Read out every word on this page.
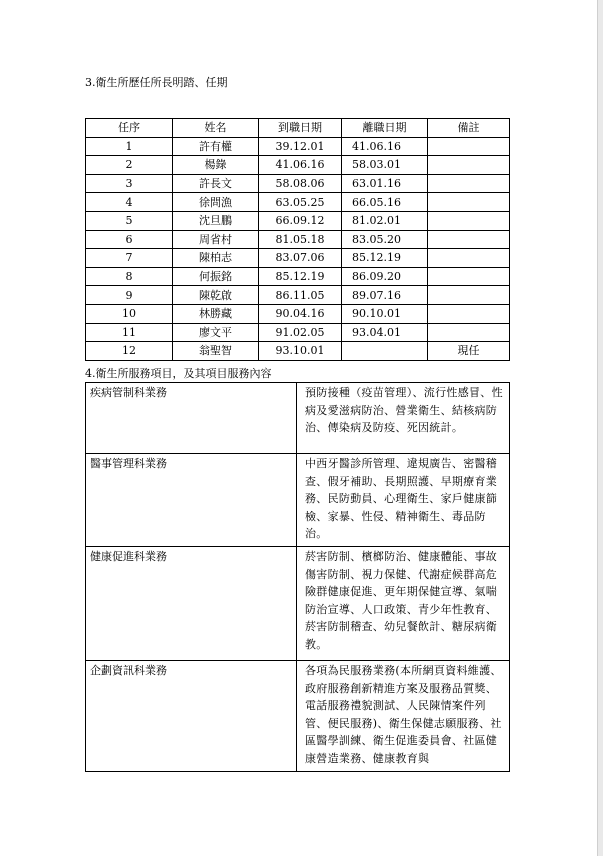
3.衛生所歷任所長明踏、任期
任序	姓名	到職日期	離職日期	備註
1	許有權	39.12.01	41.06.16	
2	楊錄	41.06.16	58.03.01	
3	許長文	58.08.06	63.01.16	
4	徐問漁	63.05.25	66.05.16	
5	沈旦鵬	66.09.12	81.02.01	
6	周省村	81.05.18	83.05.20	
7	陳柏志	83.07.06	85.12.19	
8	何振銘	85.12.19	86.09.20	
9	陳乾啟	86.11.05	89.07.16	
10	林勝藏	90.04.16	90.10.01	
11	廖文平	91.02.05	93.04.01	
12	翁聖智	93.10.01		現任
4.衛生所服務項目，及其項目服務內容
疾病管制科業務	預防接種（疫苗管理）、流行性感冒、性病及愛滋病防治、營業衛生、結核病防治、傳染病及防疫、死因統計。
醫事管理科業務	中西牙醫診所管理、違規廣告、密醫稽查、假牙補助、長期照護、早期療育業務、民防動員、心理衛生、家戶健康篩檢、家暴、性侵、精神衛生、毒品防治。
健康促進科業務	菸害防制、檳榔防治、健康體能、事故傷害防制、視力保健、代謝症候群高危險群健康促進、更年期保健宣導、氣喘防治宣導、人口政策、青少年性教育、菸害防制稽查、幼兒餐飲計、糖尿病衛教。
企劃資訊科業務	各項為民服務業務(本所網頁資料維護、政府服務創新精進方案及服務品質獎、電話服務禮貌測試、人民陳情案件列管、便民服務)、衛生保健志願服務、社區醫學訓練、衛生促進委員會、社區健康營造業務、健康教育與
